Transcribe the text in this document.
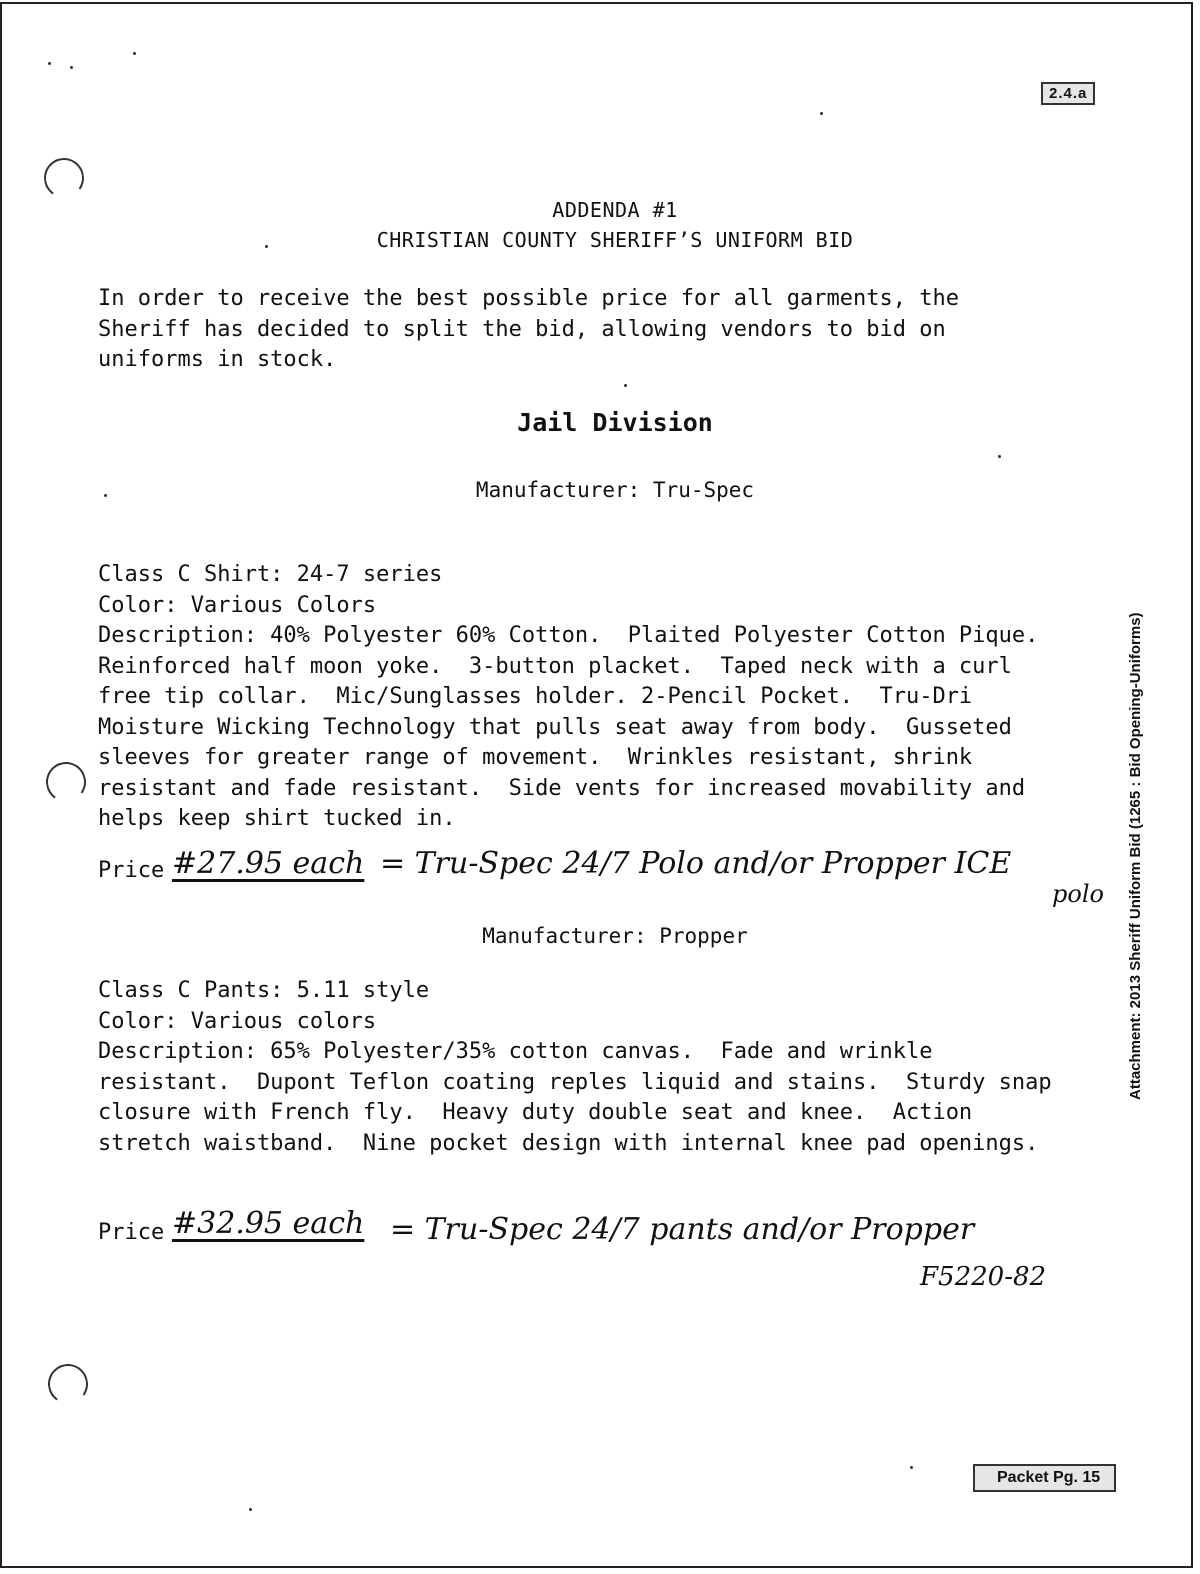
2.4.a
Attachment: 2013 Sheriff Uniform Bid (1265 : Bid Opening-Uniforms)
ADDENDA #1
CHRISTIAN COUNTY SHERIFF’S UNIFORM BID
In order to receive the best possible price for all garments, the
Sheriff has decided to split the bid, allowing vendors to bid on
uniforms in stock.
Jail Division
Manufacturer: Tru-Spec
Class C Shirt: 24-7 series
Color: Various Colors
Description: 40% Polyester 60% Cotton.  Plaited Polyester Cotton Pique.
Reinforced half moon yoke.  3-button placket.  Taped neck with a curl
free tip collar.  Mic/Sunglasses holder. 2-Pencil Pocket.  Tru-Dri
Moisture Wicking Technology that pulls seat away from body.  Gusseted
sleeves for greater range of movement.  Wrinkles resistant, shrink
resistant and fade resistant.  Side vents for increased movability and
helps keep shirt tucked in.
Price #27.95 each = Tru-Spec 24/7 Polo and/or Propper ICE
polo
Manufacturer: Propper
Class C Pants: 5.11 style
Color: Various colors
Description: 65% Polyester/35% cotton canvas.  Fade and wrinkle
resistant.  Dupont Teflon coating reples liquid and stains.  Sturdy snap
closure with French fly.  Heavy duty double seat and knee.  Action
stretch waistband.  Nine pocket design with internal knee pad openings.
Price #32.95 each = Tru-Spec 24/7 pants and/or Propper
F5220-82
Packet Pg. 15
